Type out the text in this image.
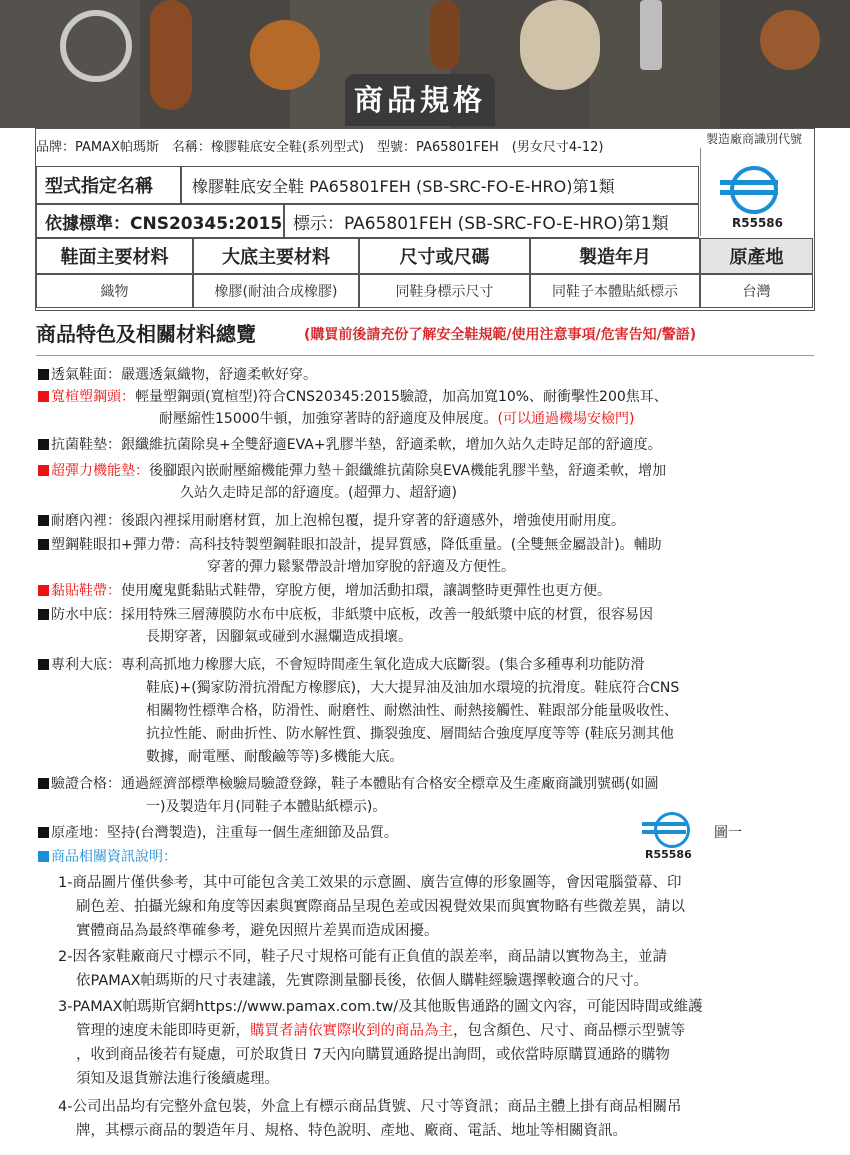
商品規格
品牌：PAMAX帕瑪斯　名稱：橡膠鞋底安全鞋(系列型式)　型號：PA65801FEH　(男女尺寸4-12)
製造廠商識別代號
R55586
型式指定名稱 橡膠鞋底安全鞋 PA65801FEH (SB-SRC-FO-E-HRO)第1類
依據標準：CNS20345:2015 標示：PA65801FEH (SB-SRC-FO-E-HRO)第1類
鞋面主要材料	大底主要材料	尺寸或尺碼	製造年月	原產地
織物	橡膠(耐油合成橡膠)	同鞋身標示尺寸	同鞋子本體貼紙標示	台灣
商品特色及相關材料總覽	(購買前後請充份了解安全鞋規範/使用注意事項/危害告知/警語)
透氣鞋面：嚴選透氣織物，舒適柔軟好穿。
寬楦塑鋼頭：輕量塑鋼頭(寬楦型)符合CNS20345:2015驗證，加高加寬10%、耐衝擊性200焦耳、
耐壓縮性15000牛頓，加強穿著時的舒適度及伸展度。(可以通過機場安檢門)
抗菌鞋墊：銀纖維抗菌除臭+全雙舒適EVA+乳膠半墊，舒適柔軟，增加久站久走時足部的舒適度。
超彈力機能墊：後腳跟內嵌耐壓縮機能彈力墊＋銀纖維抗菌除臭EVA機能乳膠半墊，舒適柔軟，增加
久站久走時足部的舒適度。(超彈力、超舒適)
耐磨內裡：後跟內裡採用耐磨材質，加上泡棉包覆，提升穿著的舒適感外，增強使用耐用度。
塑鋼鞋眼扣+彈力帶：高科技特製塑鋼鞋眼扣設計，提昇質感，降低重量。(全雙無金屬設計)。輔助
穿著的彈力鬆緊帶設計增加穿脫的舒適及方便性。
黏貼鞋帶：使用魔鬼氈黏貼式鞋帶，穿脫方便，增加活動扣環，讓調整時更彈性也更方便。
防水中底：採用特殊三層薄膜防水布中底板，非紙漿中底板，改善一般紙漿中底的材質，很容易因
長期穿著，因腳氣或碰到水濕爛造成損壞。
專利大底：專利高抓地力橡膠大底，不會短時間產生氧化造成大底斷裂。(集合多種專利功能防滑
鞋底)+(獨家防滑抗滑配方橡膠底)，大大提昇油及油加水環境的抗滑度。鞋底符合CNS
相關物性標準合格，防滑性、耐磨性、耐燃油性、耐熱接觸性、鞋跟部分能量吸收性、
抗拉性能、耐曲折性、防水解性質、撕裂強度、層間結合強度厚度等等 (鞋底另測其他
數據，耐電壓、耐酸鹼等等)多機能大底。
驗證合格：通過經濟部標準檢驗局驗證登錄，鞋子本體貼有合格安全標章及生產廠商識別號碼(如圖
一)及製造年月(同鞋子本體貼紙標示)。
原產地：堅持(台灣製造)，注重每一個生產細節及品質。
R55586
圖一
商品相關資訊說明：
1-商品圖片僅供參考，其中可能包含美工效果的示意圖、廣告宣傳的形象圖等，會因電腦螢幕、印
刷色差、拍攝光線和角度等因素與實際商品呈現色差或因視覺效果而與實物略有些微差異，請以
實體商品為最終準確參考，避免因照片差異而造成困擾。
2-因各家鞋廠商尺寸標示不同，鞋子尺寸規格可能有正負值的誤差率，商品請以實物為主，並請
依PAMAX帕瑪斯的尺寸表建議，先實際測量腳長後，依個人購鞋經驗選擇較適合的尺寸。
3-PAMAX帕瑪斯官網https://www.pamax.com.tw/及其他販售通路的圖文內容，可能因時間或維護
管理的速度未能即時更新，購買者請依實際收到的商品為主，包含顏色、尺寸、商品標示型號等
，收到商品後若有疑慮，可於取貨日 7天內向購買通路提出詢問，或依當時原購買通路的購物
須知及退貨辦法進行後續處理。
4-公司出品均有完整外盒包裝，外盒上有標示商品貨號、尺寸等資訊；商品主體上掛有商品相關吊
牌，其標示商品的製造年月、規格、特色說明、產地、廠商、電話、地址等相關資訊。
